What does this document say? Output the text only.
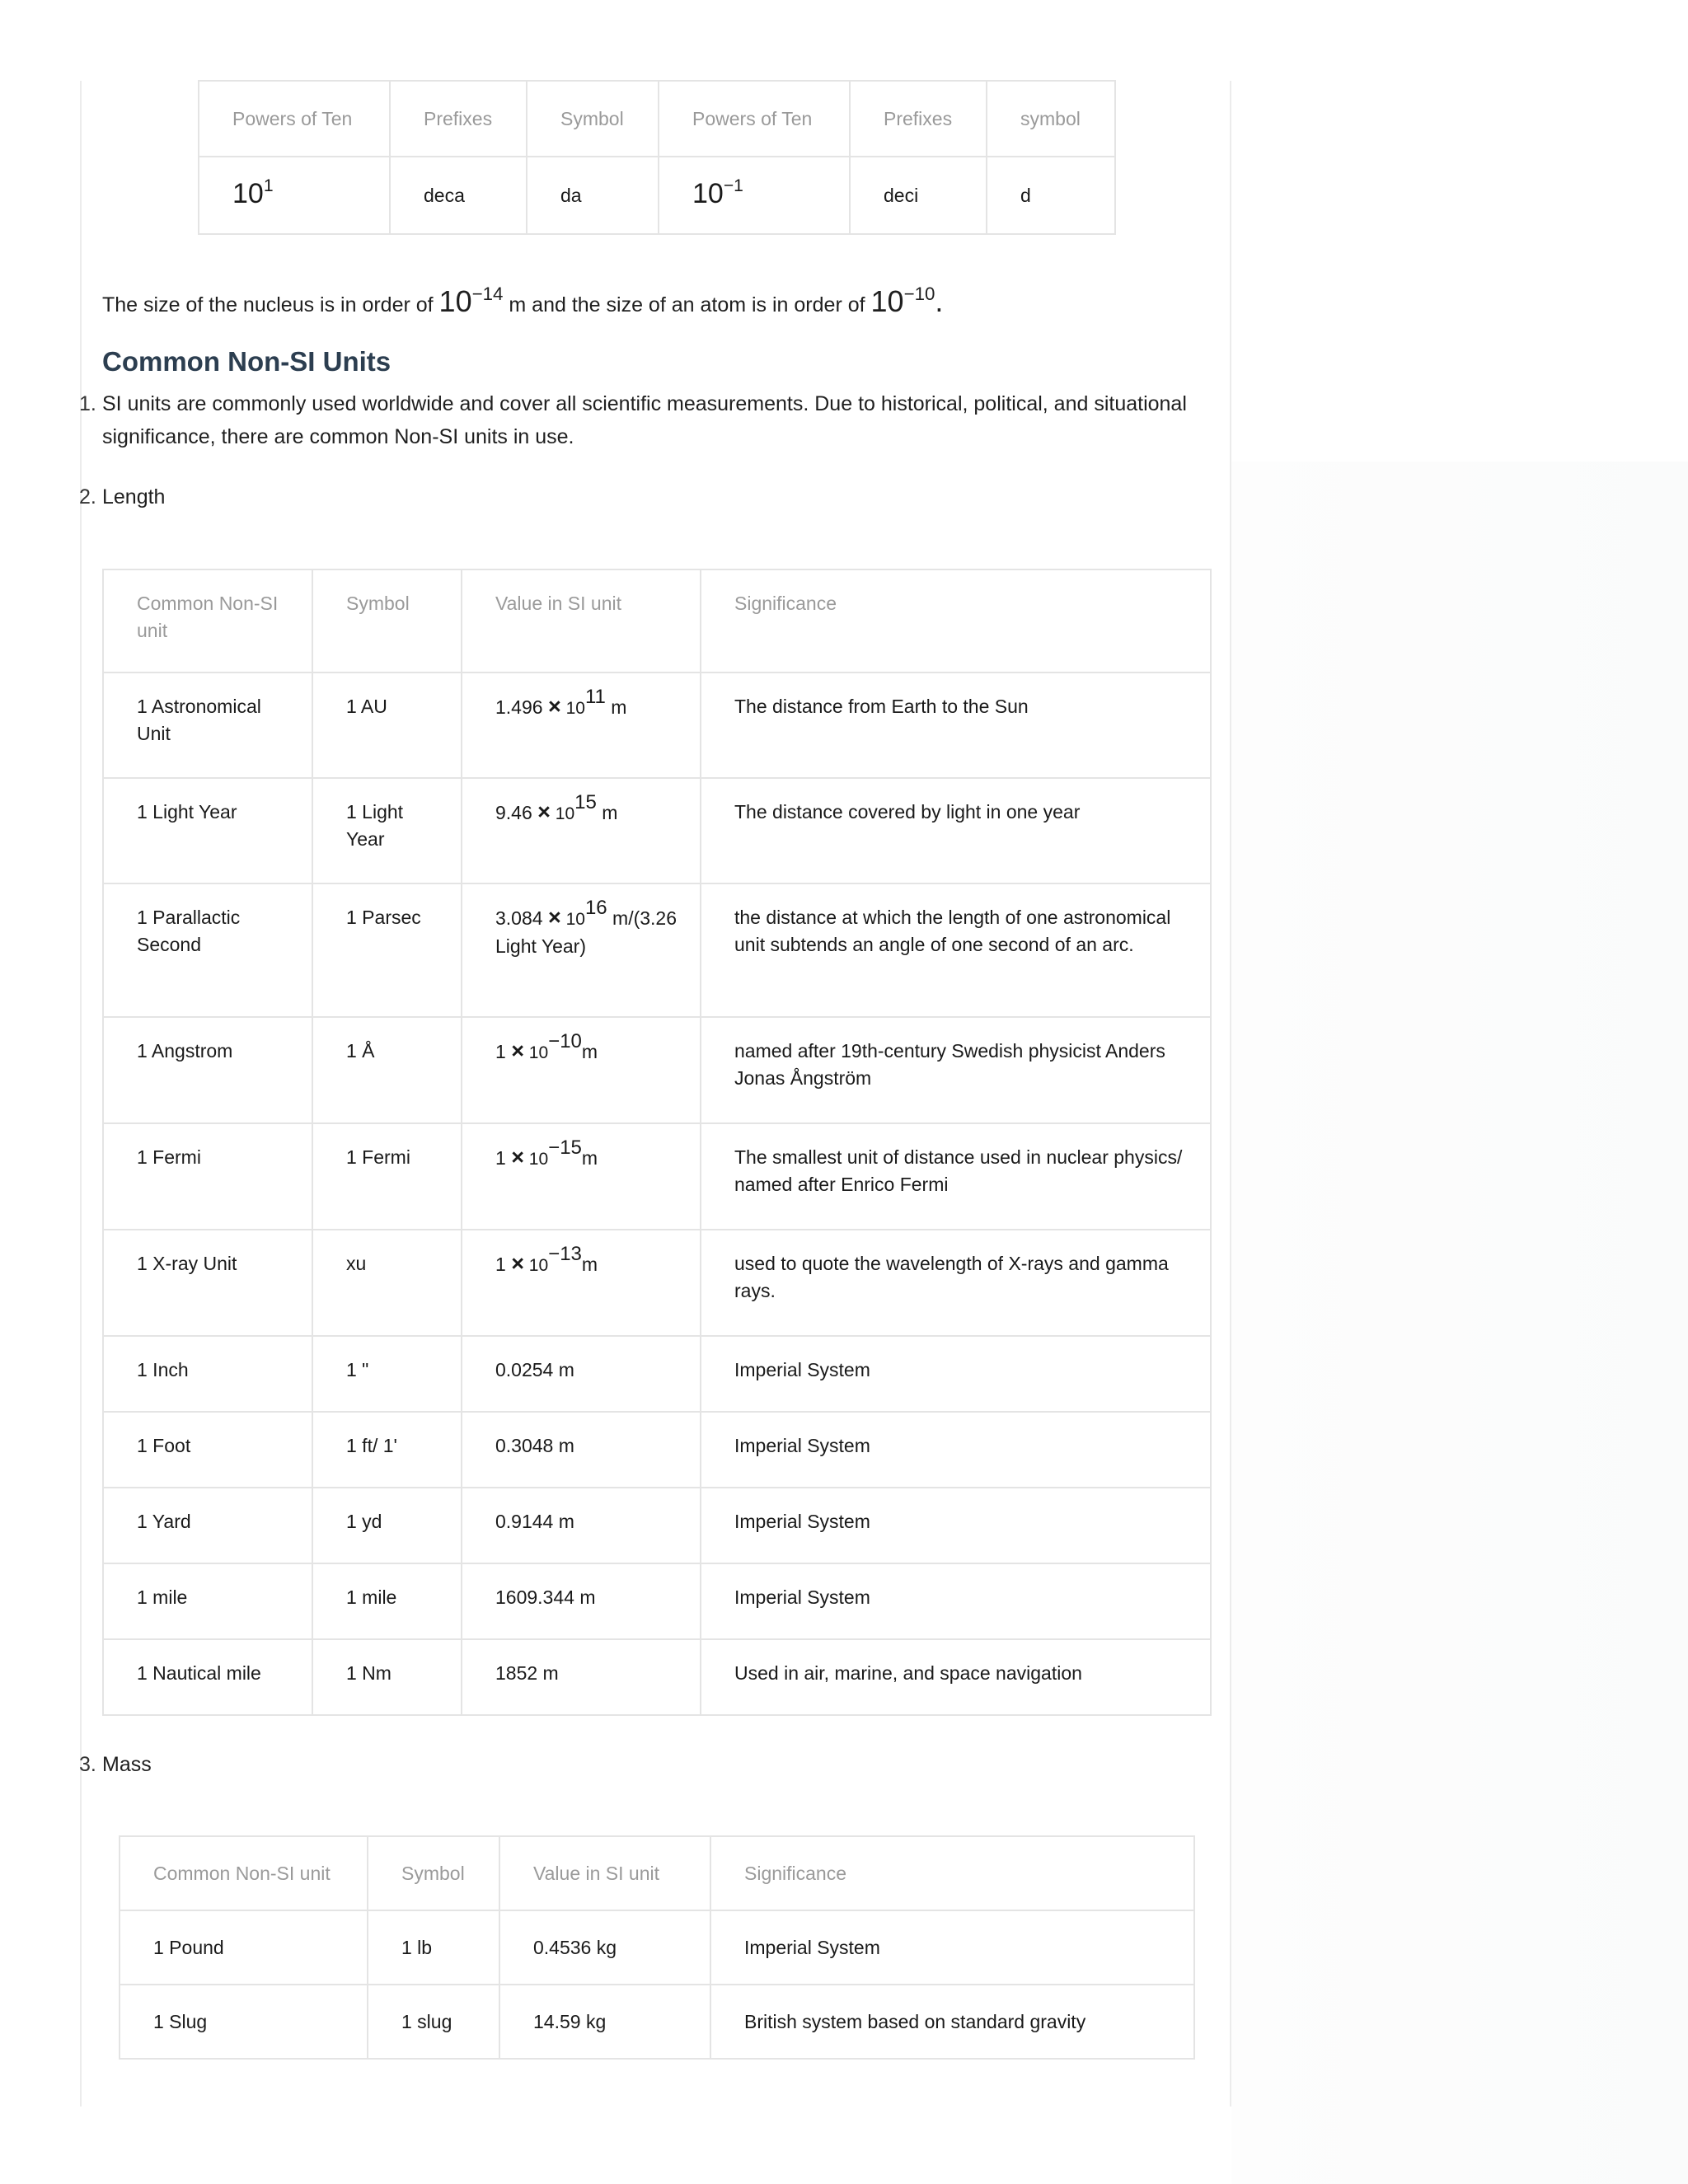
Powers of Ten	Prefixes	Symbol	Powers of Ten	Prefixes	symbol
$10^1$	deca	da	$10^{-1}$	deci	d

The size of the nucleus is in order of $10^{-14}$ m and the size of an atom is in order of $10^{-10}$.

Common Non-SI Units
1. SI units are commonly used worldwide and cover all scientific measurements. Due to historical, political, and situational significance, there are common Non-SI units in use.
2. Length
Common Non-SI unit	Symbol	Value in SI unit	Significance
1 Astronomical Unit	1 AU	$1.496 \times 10^{11}$ m	The distance from Earth to the Sun
1 Light Year	1 Light Year	$9.46 \times 10^{15}$ m	The distance covered by light in one year
1 Parallactic Second	1 Parsec	$3.084 \times 10^{16}$ m/(3.26 Light Year)	the distance at which the length of one astronomical unit subtends an angle of one second of an arc.
1 Angstrom	1 Å	$1 \times 10^{-10}m$	named after 19th-century Swedish physicist Anders Jonas Ångström
1 Fermi	1 Fermi	$1 \times 10^{-15}m$	The smallest unit of distance used in nuclear physics/ named after Enrico Fermi
1 X-ray Unit	xu	$1 \times 10^{-13}m$	used to quote the wavelength of X-rays and gamma rays.
1 Inch	1 "	0.0254 m	Imperial System
1 Foot	1 ft/ 1'	0.3048 m	Imperial System
1 Yard	1 yd	0.9144 m	Imperial System
1 mile	1 mile	1609.344 m	Imperial System
1 Nautical mile	1 Nm	1852 m	Used in air, marine, and space navigation
3. Mass
Common Non-SI unit	Symbol	Value in SI unit	Significance
1 Pound	1 lb	0.4536 kg	Imperial System
1 Slug	1 slug	14.59 kg	British system based on standard gravity
